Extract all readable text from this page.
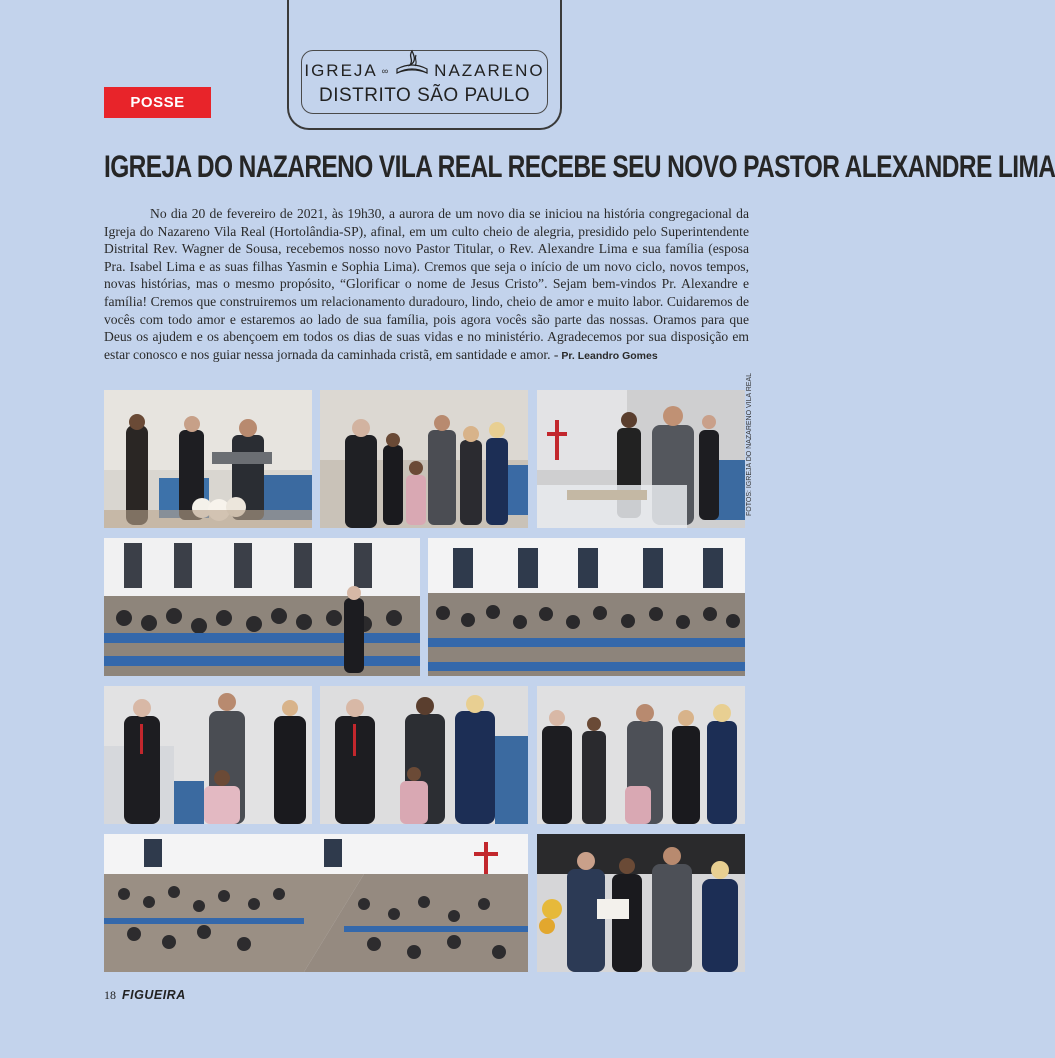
IGREJA ∞	NAZARENO
DISTRITO SÃO PAULO
POSSE
IGREJA DO NAZARENO VILA REAL RECEBE SEU NOVO PASTOR ALEXANDRE LIMA
No dia 20 de fevereiro de 2021, às 19h30, a aurora de um novo dia se iniciou na história congregacional da Igreja do Nazareno Vila Real (Hortolândia-SP), afinal, em um culto cheio de alegria, presidido pelo Superintendente Distrital Rev. Wagner de Sousa, recebemos nosso novo Pastor Titular, o Rev. Alexandre Lima e sua família (esposa Pra. Isabel Lima e as suas filhas Yasmin e Sophia Lima). Cremos que seja o início de um novo ciclo, novos tempos, novas histórias, mas o mesmo propósito, “Glorificar o nome de Jesus Cristo”. Sejam bem-vindos Pr. Alexandre e família! Cremos que construiremos um relacionamento duradouro, lindo, cheio de amor e muito labor. Cuidaremos de vocês com todo amor e estaremos ao lado de sua família, pois agora vocês são parte das nossas. Oramos para que Deus os ajudem e os abençoem em todos os dias de suas vidas e no ministério. Agradecemos por sua disposição em estar conosco e nos guiar nessa jornada da caminhada cristã, em santidade e amor. - Pr. Leandro Gomes
FOTOS: IGREJA DO NAZARENO VILA REAL
18 FIGUEIRA
